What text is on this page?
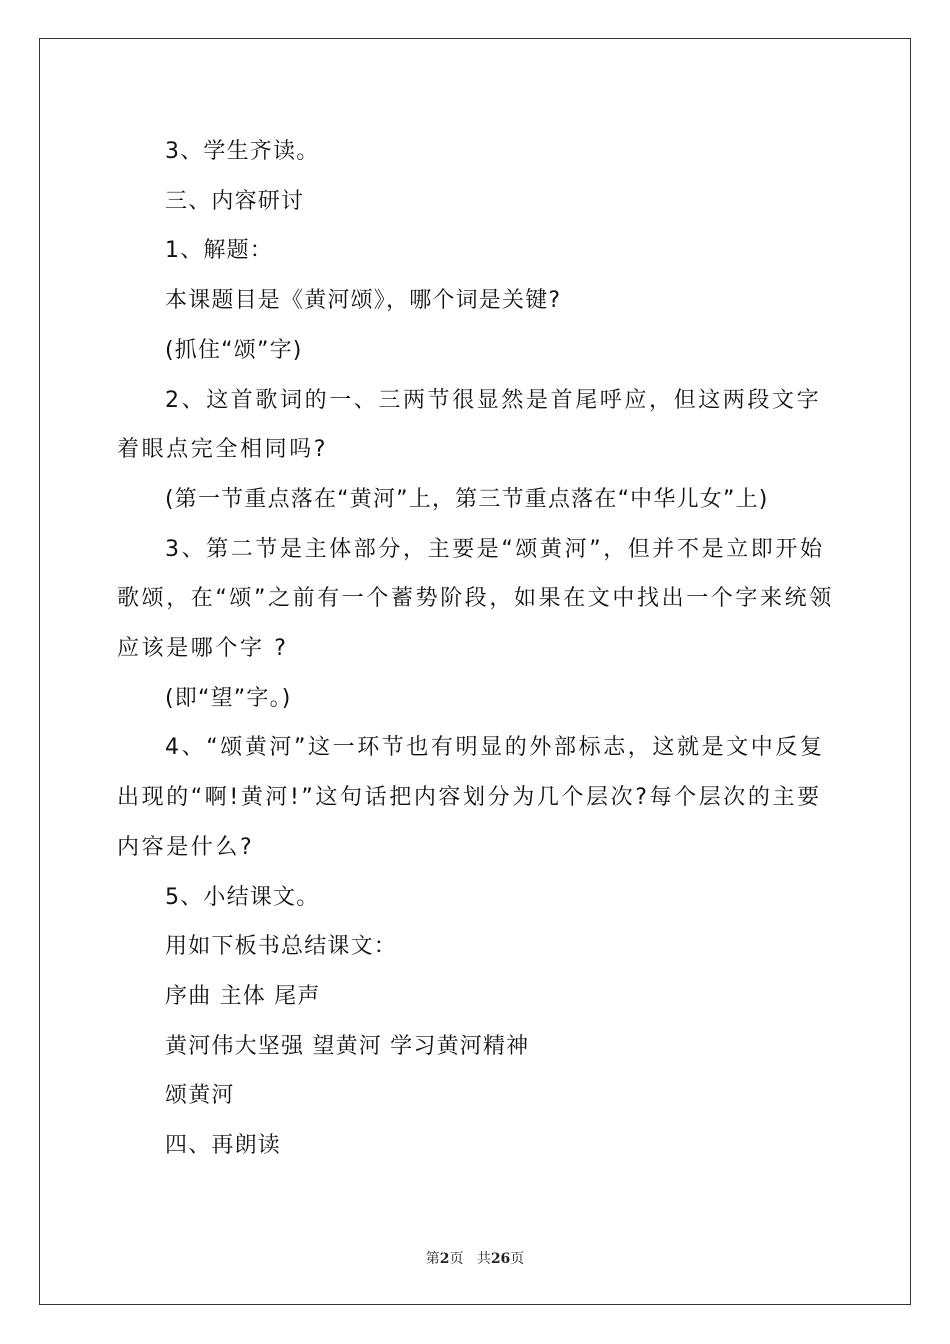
3、学生齐读。

三、内容研讨

1、解题：

本课题目是《黄河颂》，哪个词是关键?

(抓住“颂”字)

2、这首歌词的一、三两节很显然是首尾呼应，但这两段文字着眼点完全相同吗?

(第一节重点落在“黄河”上，第三节重点落在“中华儿女”上)

3、第二节是主体部分，主要是“颂黄河”，但并不是立即开始歌颂，在“颂”之前有一个蓄势阶段，如果在文中找出一个字来统领应该是哪个字 ?

(即“望”字。)

4、“颂黄河”这一环节也有明显的外部标志，这就是文中反复出现的“啊!黄河!”这句话把内容划分为几个层次?每个层次的主要内容是什么?

5、小结课文。

用如下板书总结课文：

序曲 主体 尾声

黄河伟大坚强 望黄河 学习黄河精神

颂黄河

四、再朗读

第2页 共26页
